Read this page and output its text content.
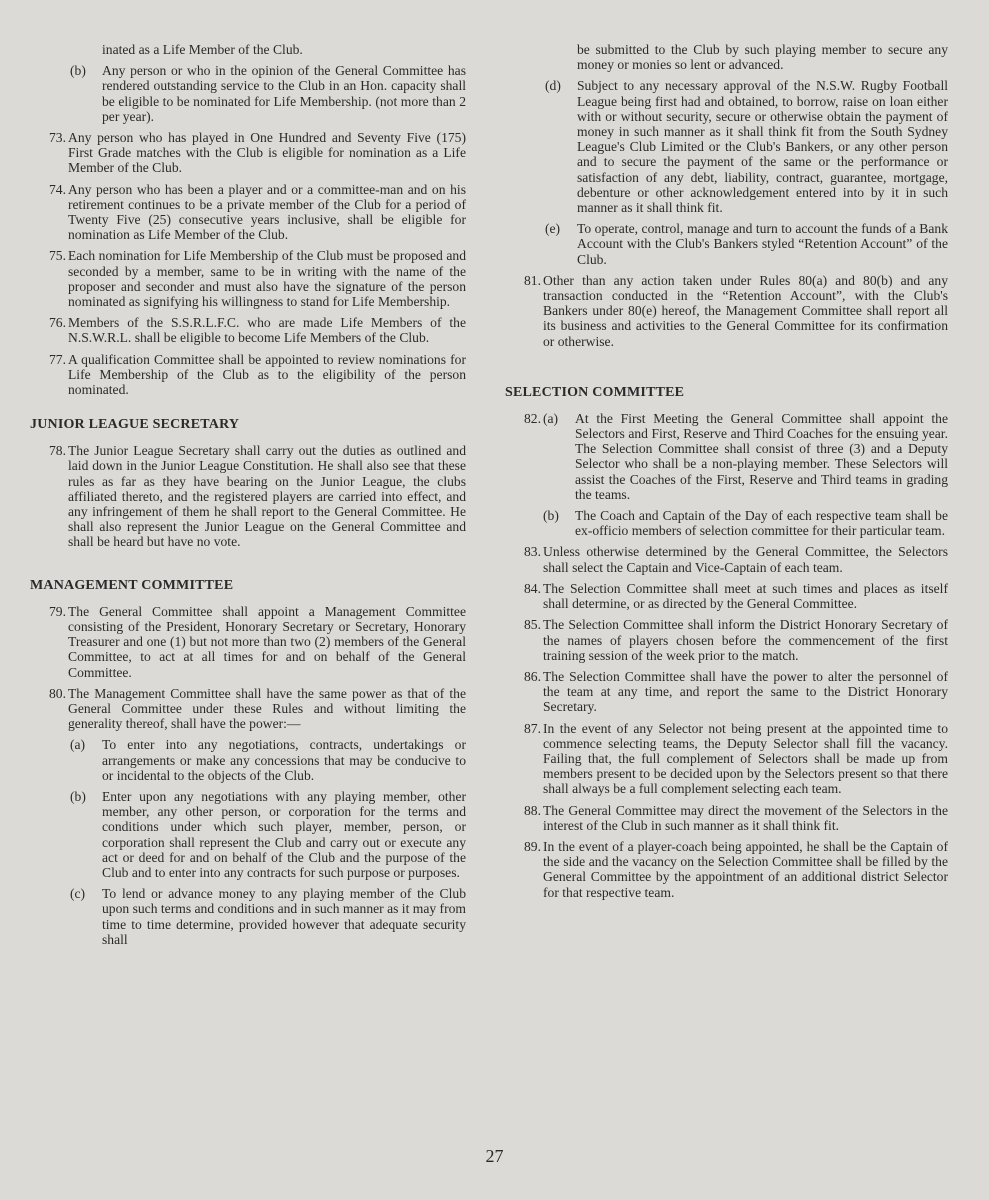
inated as a Life Member of the Club.
(b)	Any person or who in the opinion of the General Committee has rendered outstanding service to the Club in an Hon. capacity shall be eligible to be nominated for Life Membership. (not more than 2 per year).
73. Any person who has played in One Hundred and Seventy Five (175) First Grade matches with the Club is eligible for nomination as a Life Member of the Club.
74. Any person who has been a player and or a committee-man and on his retirement continues to be a private member of the Club for a period of Twenty Five (25) consecutive years inclusive, shall be eligible for nomination as Life Member of the Club.
75. Each nomination for Life Membership of the Club must be proposed and seconded by a member, same to be in writing with the name of the proposer and seconder and must also have the signature of the person nominated as signifying his willingness to stand for Life Membership.
76. Members of the S.S.R.L.F.C. who are made Life Members of the N.S.W.R.L. shall be eligible to become Life Members of the Club.
77. A qualification Committee shall be appointed to review nominations for Life Membership of the Club as to the eligibility of the person nominated.
JUNIOR LEAGUE SECRETARY
78. The Junior League Secretary shall carry out the duties as outlined and laid down in the Junior League Constitution. He shall also see that these rules as far as they have bearing on the Junior League, the clubs affiliated thereto, and the registered players are carried into effect, and any infringement of them he shall report to the General Committee. He shall also represent the Junior League on the General Committee and shall be heard but have no vote.
MANAGEMENT COMMITTEE
79. The General Committee shall appoint a Management Committee consisting of the President, Honorary Secretary or Secretary, Honorary Treasurer and one (1) but not more than two (2) members of the General Committee, to act at all times for and on behalf of the General Committee.
80. The Management Committee shall have the same power as that of the General Committee under these Rules and without limiting the generality thereof, shall have the power:—
(a)	To enter into any negotiations, contracts, undertakings or arrangements or make any concessions that may be conducive to or incidental to the objects of the Club.
(b)	Enter upon any negotiations with any playing member, other member, any other person, or corporation for the terms and conditions under which such player, member, person, or corporation shall represent the Club and carry out or execute any act or deed for and on behalf of the Club and the purpose of the Club and to enter into any contracts for such purpose or purposes.
(c)	To lend or advance money to any playing member of the Club upon such terms and conditions and in such manner as it may from time to time determine, provided however that adequate security shall
be submitted to the Club by such playing member to secure any money or monies so lent or advanced.
(d)	Subject to any necessary approval of the N.S.W. Rugby Football League being first had and obtained, to borrow, raise on loan either with or without security, secure or otherwise obtain the payment of money in such manner as it shall think fit from the South Sydney League's Club Limited or the Club's Bankers, or any other person and to secure the payment of the same or the performance or satisfaction of any debt, liability, contract, guarantee, mortgage, debenture or other acknowledgement entered into by it in such manner as it shall think fit.
(e)	To operate, control, manage and turn to account the funds of a Bank Account with the Club's Bankers styled “Retention Account” of the Club.
81. Other than any action taken under Rules 80(a) and 80(b) and any transaction conducted in the “Retention Account”, with the Club's Bankers under 80(e) hereof, the Management Committee shall report all its business and activities to the General Committee for its confirmation or otherwise.
SELECTION COMMITTEE
82. (a)	At the First Meeting the General Committee shall appoint the Selectors and First, Reserve and Third Coaches for the ensuing year. The Selection Committee shall consist of three (3) and a Deputy Selector who shall be a non-playing member. These Selectors will assist the Coaches of the First, Reserve and Third teams in grading the teams.
(b)	The Coach and Captain of the Day of each respective team shall be ex-officio members of selection committee for their particular team.
83. Unless otherwise determined by the General Committee, the Selectors shall select the Captain and Vice-Captain of each team.
84. The Selection Committee shall meet at such times and places as itself shall determine, or as directed by the General Committee.
85. The Selection Committee shall inform the District Honorary Secretary of the names of players chosen before the commencement of the first training session of the week prior to the match.
86. The Selection Committee shall have the power to alter the personnel of the team at any time, and report the same to the District Honorary Secretary.
87. In the event of any Selector not being present at the appointed time to commence selecting teams, the Deputy Selector shall fill the vacancy. Failing that, the full complement of Selectors shall be made up from members present to be decided upon by the Selectors present so that there shall always be a full complement selecting each team.
88. The General Committee may direct the movement of the Selectors in the interest of the Club in such manner as it shall think fit.
89. In the event of a player-coach being appointed, he shall be the Captain of the side and the vacancy on the Selection Committee shall be filled by the General Committee by the appointment of an additional district Selector for that respective team.
27
